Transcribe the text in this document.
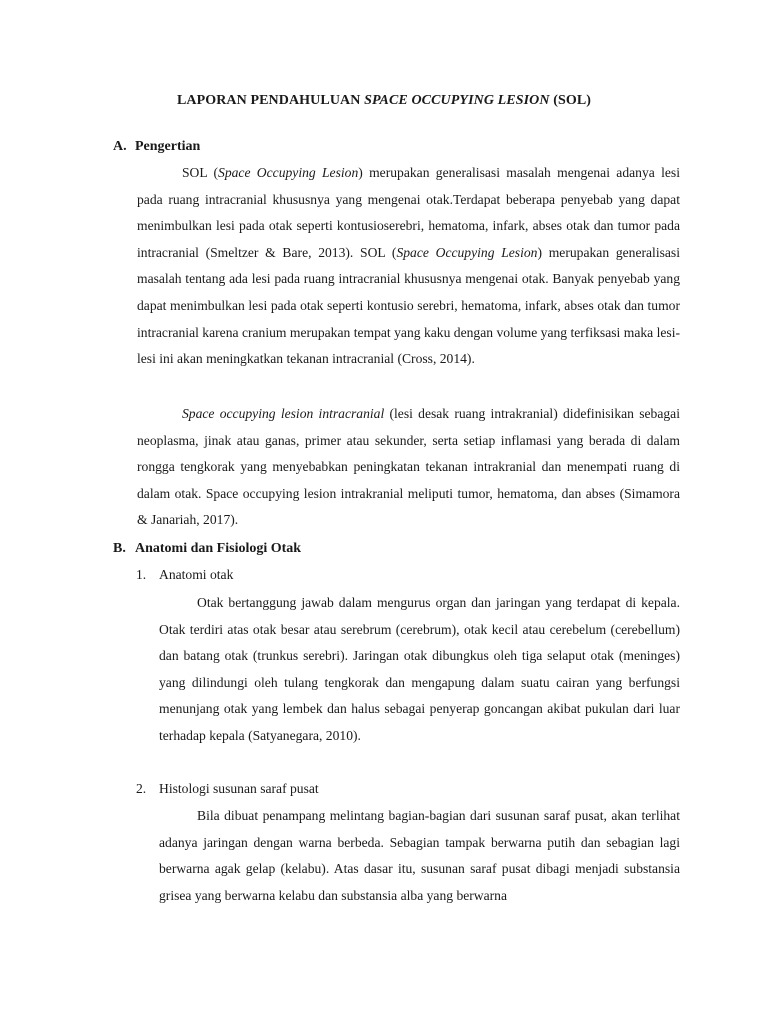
LAPORAN PENDAHULUAN SPACE OCCUPYING LESION (SOL)
A. Pengertian

SOL (Space Occupying Lesion) merupakan generalisasi masalah mengenai adanya lesi pada ruang intracranial khususnya yang mengenai otak.Terdapat beberapa penyebab yang dapat menimbulkan lesi pada otak seperti kontusioserebri, hematoma, infark, abses otak dan tumor pada intracranial (Smeltzer & Bare, 2013). SOL (Space Occupying Lesion) merupakan generalisasi masalah tentang ada lesi pada ruang intracranial khususnya mengenai otak. Banyak penyebab yang dapat menimbulkan lesi pada otak seperti kontusio serebri, hematoma, infark, abses otak dan tumor intracranial karena cranium merupakan tempat yang kaku dengan volume yang terfiksasi maka lesi-lesi ini akan meningkatkan tekanan intracranial (Cross, 2014).

Space occupying lesion intracranial (lesi desak ruang intrakranial) didefinisikan sebagai neoplasma, jinak atau ganas, primer atau sekunder, serta setiap inflamasi yang berada di dalam rongga tengkorak yang menyebabkan peningkatan tekanan intrakranial dan menempati ruang di dalam otak. Space occupying lesion intrakranial meliputi tumor, hematoma, dan abses (Simamora & Janariah, 2017).

B. Anatomi dan Fisiologi Otak
1. Anatomi otak

Otak bertanggung jawab dalam mengurus organ dan jaringan yang terdapat di kepala. Otak terdiri atas otak besar atau serebrum (cerebrum), otak kecil atau cerebelum (cerebellum) dan batang otak (trunkus serebri). Jaringan otak dibungkus oleh tiga selaput otak (meninges) yang dilindungi oleh tulang tengkorak dan mengapung dalam suatu cairan yang berfungsi menunjang otak yang lembek dan halus sebagai penyerap goncangan akibat pukulan dari luar terhadap kepala (Satyanegara, 2010).

2. Histologi susunan saraf pusat

Bila dibuat penampang melintang bagian-bagian dari susunan saraf pusat, akan terlihat adanya jaringan dengan warna berbeda. Sebagian tampak berwarna putih dan sebagian lagi berwarna agak gelap (kelabu). Atas dasar itu, susunan saraf pusat dibagi menjadi substansia grisea yang berwarna kelabu dan substansia alba yang berwarna
